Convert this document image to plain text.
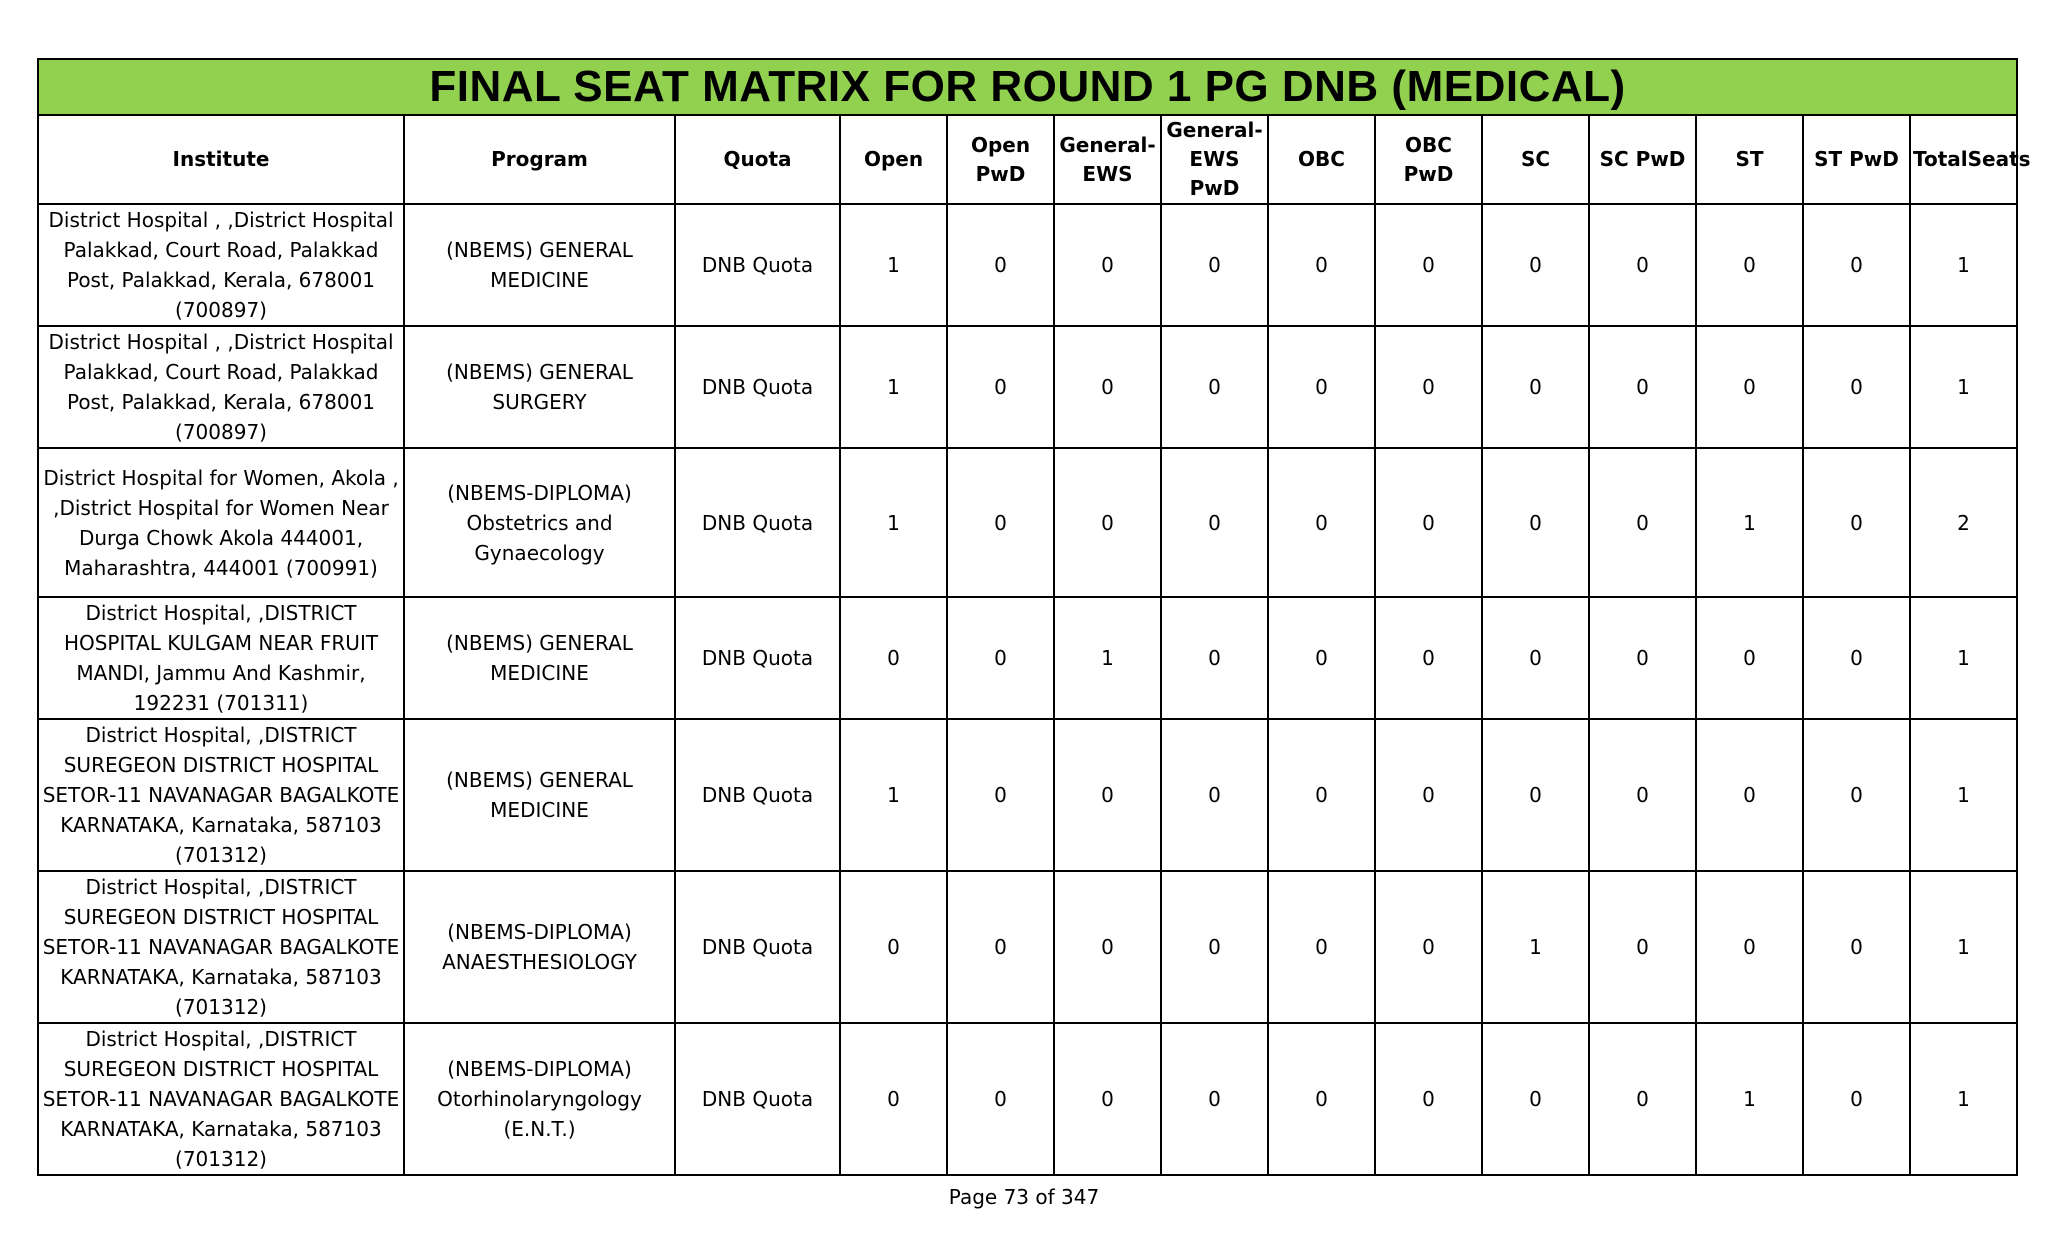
FINAL SEAT MATRIX FOR ROUND 1 PG DNB (MEDICAL)													
Institute	Program	Quota	Open	Open PwD	General-EWS	General-EWS PwD	OBC	OBC PwD	SC	SC PwD	ST	ST PwD	TotalSeats
District Hospital , ,District Hospital Palakkad, Court Road, Palakkad Post, Palakkad, Kerala, 678001 (700897)	(NBEMS) GENERAL MEDICINE	DNB Quota	1	0	0	0	0	0	0	0	0	0	1
District Hospital , ,District Hospital Palakkad, Court Road, Palakkad Post, Palakkad, Kerala, 678001 (700897)	(NBEMS) GENERAL SURGERY	DNB Quota	1	0	0	0	0	0	0	0	0	0	1
District Hospital for Women, Akola , ,District Hospital for Women Near Durga Chowk Akola 444001, Maharashtra, 444001 (700991)	(NBEMS-DIPLOMA) Obstetrics and Gynaecology	DNB Quota	1	0	0	0	0	0	0	0	1	0	2
District Hospital, ,DISTRICT HOSPITAL KULGAM NEAR FRUIT MANDI, Jammu And Kashmir, 192231 (701311)	(NBEMS) GENERAL MEDICINE	DNB Quota	0	0	1	0	0	0	0	0	0	0	1
District Hospital, ,DISTRICT SUREGEON DISTRICT HOSPITAL SETOR-11 NAVANAGAR BAGALKOTE KARNATAKA, Karnataka, 587103 (701312)	(NBEMS) GENERAL MEDICINE	DNB Quota	1	0	0	0	0	0	0	0	0	0	1
District Hospital, ,DISTRICT SUREGEON DISTRICT HOSPITAL SETOR-11 NAVANAGAR BAGALKOTE KARNATAKA, Karnataka, 587103 (701312)	(NBEMS-DIPLOMA) ANAESTHESIOLOGY	DNB Quota	0	0	0	0	0	0	1	0	0	0	1
District Hospital, ,DISTRICT SUREGEON DISTRICT HOSPITAL SETOR-11 NAVANAGAR BAGALKOTE KARNATAKA, Karnataka, 587103 (701312)	(NBEMS-DIPLOMA) Otorhinolaryngology (E.N.T.)	DNB Quota	0	0	0	0	0	0	0	0	1	0	1
Page 73 of 347
